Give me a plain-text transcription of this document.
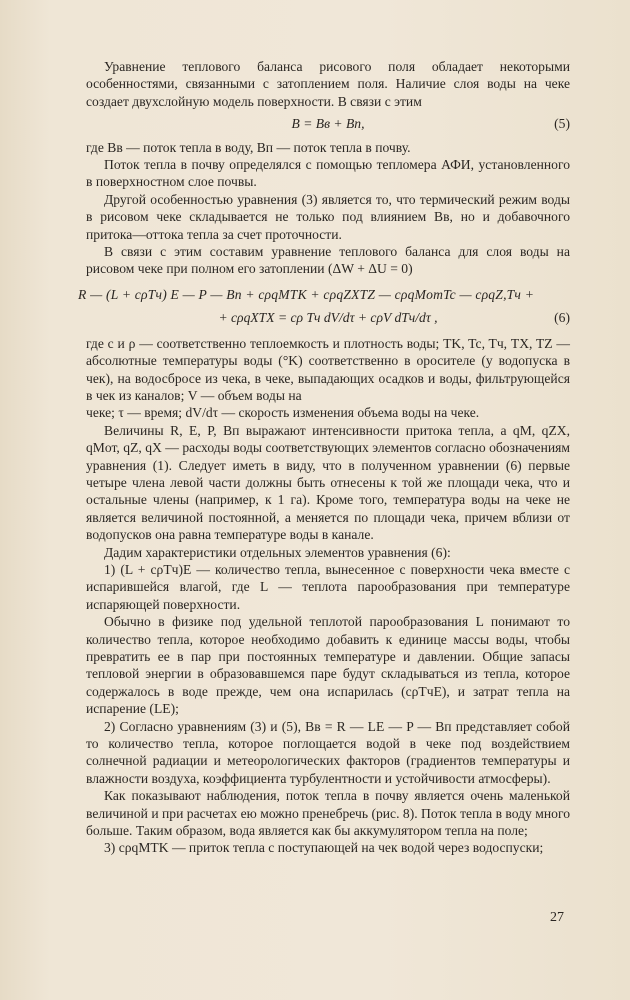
Уравнение теплового баланса рисового поля обладает некоторыми особенностями, связанными с затоплением поля. Наличие слоя воды на чеке создает двухслойную модель поверхности. В связи с этим

B = Bв + Bп,	(5)

где Bв — поток тепла в воду, Bп — поток тепла в почву.

Поток тепла в почву определялся с помощью тепломера АФИ, установленного в поверхностном слое почвы.

Другой особенностью уравнения (3) является то, что термический режим воды в рисовом чеке складывается не только под влиянием Bв, но и добавочного притока—оттока тепла за счет проточности.

В связи с этим составим уравнение теплового баланса для слоя воды на рисовом чеке при полном его затоплении (ΔW + ΔU = 0)

R — (L + cρTч) E — P — Bп + cρqMTK + cρqZXTZ — cρqMотTc — cρqZ,Tч +
+ cρqXTX = cρ Tч dV/dτ + cρV dTч/dτ ,	(6)

где c и ρ — соответственно теплоемкость и плотность воды; TK, Tc, Tч, TX, TZ — абсолютные температуры воды (°K) соответственно в оросителе (у водопуска в чек), на водосбросе из чека, в чеке, выпадающих осадков и воды, фильтрующейся в чек из каналов; V — объем воды на

чеке; τ — время; dV/dτ — скорость изменения объема воды на чеке.

Величины R, E, P, Bп выражают интенсивности притока тепла, а qM, qZX, qMот, qZ, qX — расходы воды соответствующих элементов согласно обозначениям уравнения (1). Следует иметь в виду, что в полученном уравнении (6) первые четыре члена левой части должны быть отнесены к той же площади чека, что и остальные члены (например, к 1 га). Кроме того, температура воды на чеке не является величиной постоянной, а меняется по площади чека, причем вблизи от водопусков она равна температуре воды в канале.

Дадим характеристики отдельных элементов уравнения (6):

1) (L + cρTч)E — количество тепла, вынесенное с поверхности чека вместе с испарившейся влагой, где L — теплота парообразования при температуре испаряющей поверхности.

Обычно в физике под удельной теплотой парообразования L понимают то количество тепла, которое необходимо добавить к единице массы воды, чтобы превратить ее в пар при постоянных температуре и давлении. Общие запасы тепловой энергии в образовавшемся паре будут складываться из тепла, которое содержалось в воде прежде, чем она испарилась (cρTчE), и затрат тепла на испарение (LE);

2) Согласно уравнениям (3) и (5), Bв = R — LE — P — Bп представляет собой то количество тепла, которое поглощается водой в чеке под воздействием солнечной радиации и метеорологических факторов (градиентов температуры и влажности воздуха, коэффициента турбулентности и устойчивости атмосферы).

Как показывают наблюдения, поток тепла в почву является очень маленькой величиной и при расчетах ею можно пренебречь (рис. 8). Поток тепла в воду много больше. Таким образом, вода является как бы аккумулятором тепла на поле;

3) cρqMTK — приток тепла с поступающей на чек водой через водоспуски;

27
